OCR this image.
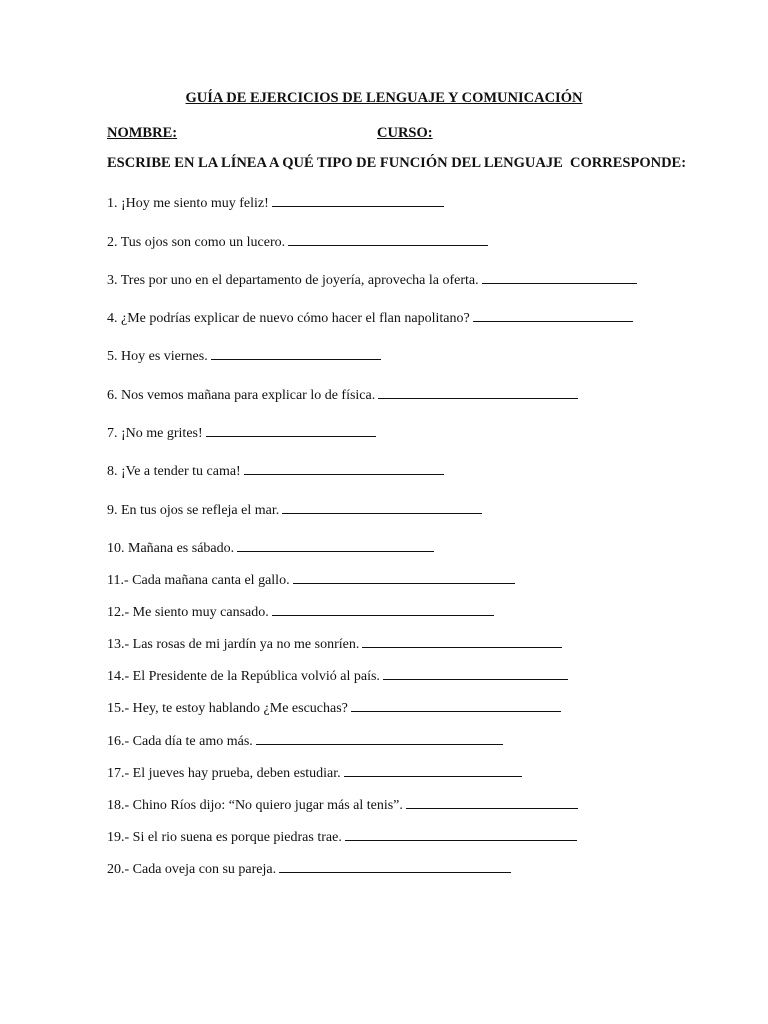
GUÍA DE EJERCICIOS DE LENGUAJE Y COMUNICACIÓN
NOMBRE:	CURSO:
ESCRIBE EN LA LÍNEA A QUÉ TIPO DE FUNCIÓN DEL LENGUAJE  CORRESPONDE:
1. ¡Hoy me siento muy feliz!
2. Tus ojos son como un lucero.
3. Tres por uno en el departamento de joyería, aprovecha la oferta.
4. ¿Me podrías explicar de nuevo cómo hacer el flan napolitano?
5. Hoy es viernes.
6. Nos vemos mañana para explicar lo de física.
7. ¡No me grites!
8. ¡Ve a tender tu cama!
9. En tus ojos se refleja el mar.
10. Mañana es sábado.
11.- Cada mañana canta el gallo.
12.- Me siento muy cansado.
13.- Las rosas de mi jardín ya no me sonríen.
14.- El Presidente de la República volvió al país.
15.- Hey, te estoy hablando ¿Me escuchas?
16.- Cada día te amo más.
17.- El jueves hay prueba, deben estudiar.
18.- Chino Ríos dijo: “No quiero jugar más al tenis”.
19.- Si el rio suena es porque piedras trae.
20.- Cada oveja con su pareja.
